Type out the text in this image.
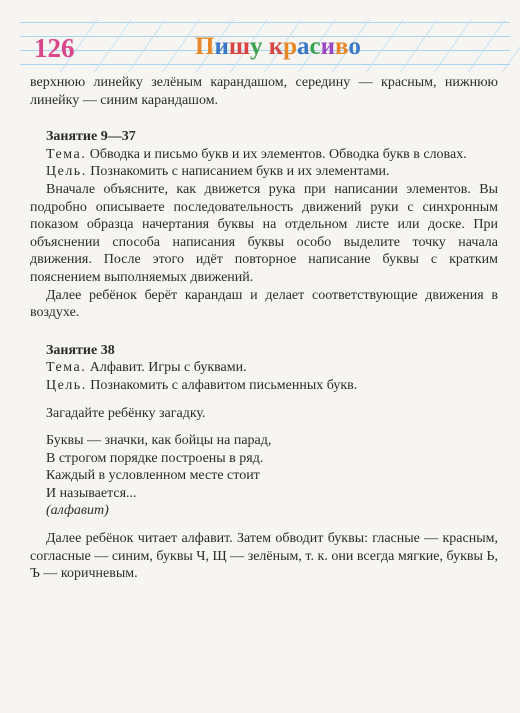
126	Пишу красиво

верхнюю линейку зелёным карандашом, середину — красным, нижнюю линейку — синим карандашом.

Занятие 9—37

Тема. Обводка и письмо букв и их элементов. Обводка букв в словах.

Цель. Познакомить с написанием букв и их элементами.

Вначале объясните, как движется рука при написании элементов. Вы подробно описываете последовательность движений руки с синхронным показом образца начертания буквы на отдельном листе или доске. При объяснении способа написания буквы особо выделите точку начала движения. После этого идёт повторное написание буквы с кратким пояснением выполняемых движений.

Далее ребёнок берёт карандаш и делает соответствующие движения в воздухе.

Занятие 38

Тема. Алфавит. Игры с буквами.

Цель. Познакомить с алфавитом письменных букв.

Загадайте ребёнку загадку.

Буквы — значки, как бойцы на парад,
В строгом порядке построены в ряд.
Каждый в условленном месте стоит
И называется...
(алфавит)

Далее ребёнок читает алфавит. Затем обводит буквы: гласные — красным, согласные — синим, буквы Ч, Щ — зелёным, т. к. они всегда мягкие, буквы Ь, Ъ — коричневым.
